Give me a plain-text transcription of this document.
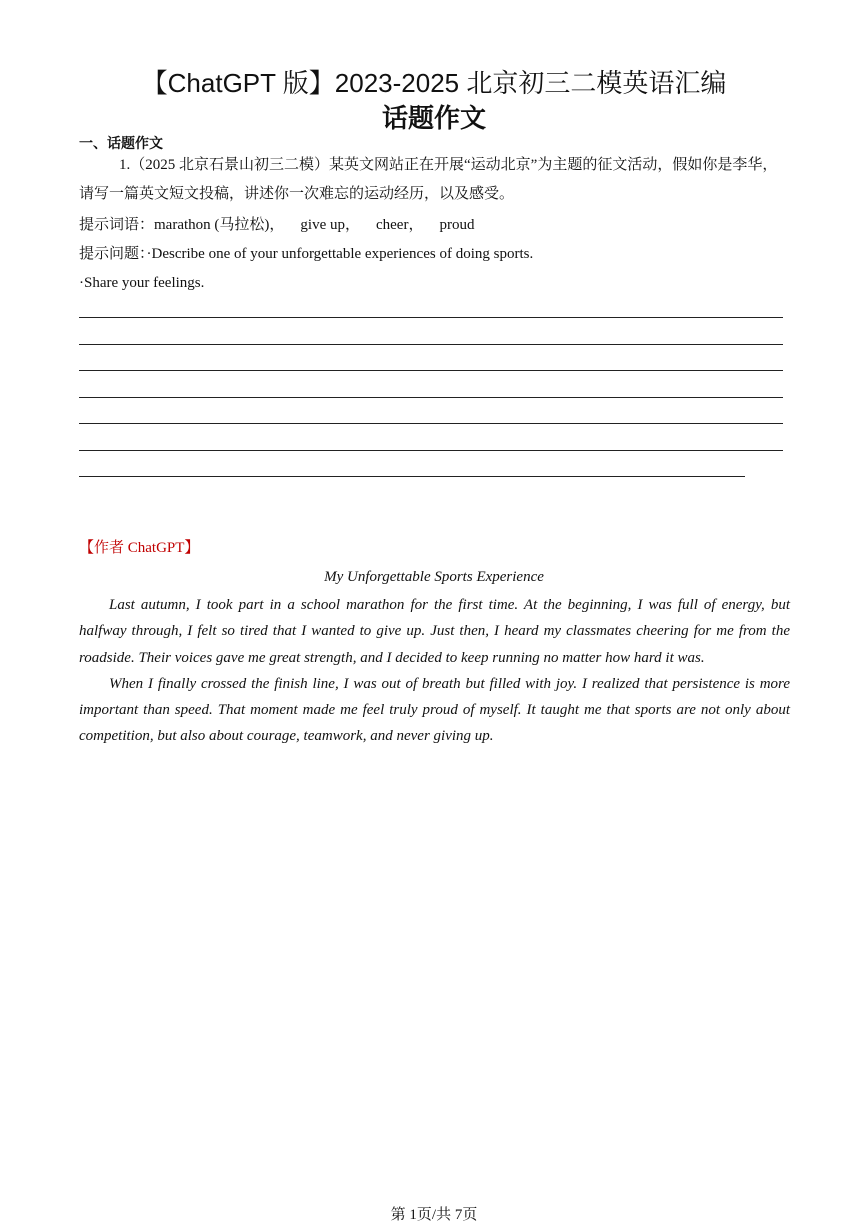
【ChatGPT 版】2023-2025 北京初三二模英语汇编
话题作文
一、话题作文
1.（2025 北京石景山初三二模）某英文网站正在开展“运动北京”为主题的征文活动，假如你是李华，
请写一篇英文短文投稿，讲述你一次难忘的运动经历，以及感受。
提示词语：marathon (马拉松)， give up， cheer， proud
提示问题：·Describe one of your unforgettable experiences of doing sports.
·Share your feelings.
【作者 ChatGPT】
My Unforgettable Sports Experience

Last autumn, I took part in a school marathon for the first time. At the beginning, I was full of energy, but halfway through, I felt so tired that I wanted to give up. Just then, I heard my classmates cheering for me from the roadside. Their voices gave me great strength, and I decided to keep running no matter how hard it was.

When I finally crossed the finish line, I was out of breath but filled with joy. I realized that persistence is more important than speed. That moment made me feel truly proud of myself. It taught me that sports are not only about competition, but also about courage, teamwork, and never giving up.

第 1页/共 7页
